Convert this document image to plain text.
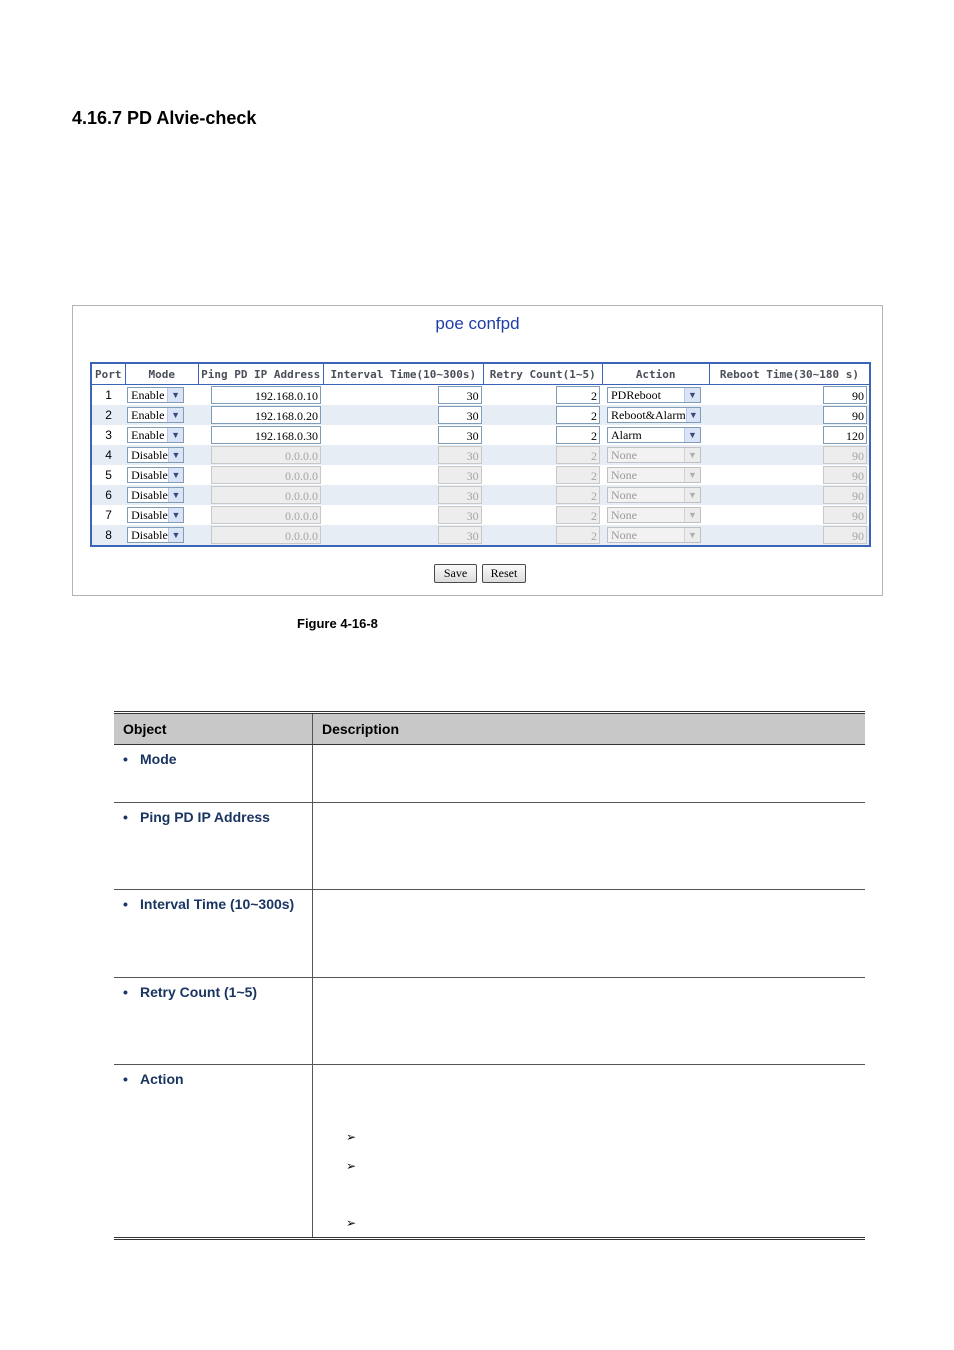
4.16.7 PD Alvie-check
poe confpd
Port	Mode	Ping PD IP Address	Interval Time(10~300s)	Retry Count(1~5)	Action	Reboot Time(30~180 s)
1	Enable ▼	192.168.0.10	30	2	PDReboot ▼	90
2	Enable ▼	192.168.0.20	30	2	Reboot&Alarm ▼	90
3	Enable ▼	192.168.0.30	30	2	Alarm ▼	120
4	Disable ▼	0.0.0.0	30	2	None ▼	90
5	Disable ▼	0.0.0.0	30	2	None ▼	90
6	Disable ▼	0.0.0.0	30	2	None ▼	90
7	Disable ▼	0.0.0.0	30	2	None ▼	90
8	Disable ▼	0.0.0.0	30	2	None ▼	90
Save	Reset
Figure 4-16-8
Object	Description
• Mode	
• Ping PD IP Address	
• Interval Time (10~300s)	
• Retry Count (1~5)	
• Action	
➢
➢
➢
